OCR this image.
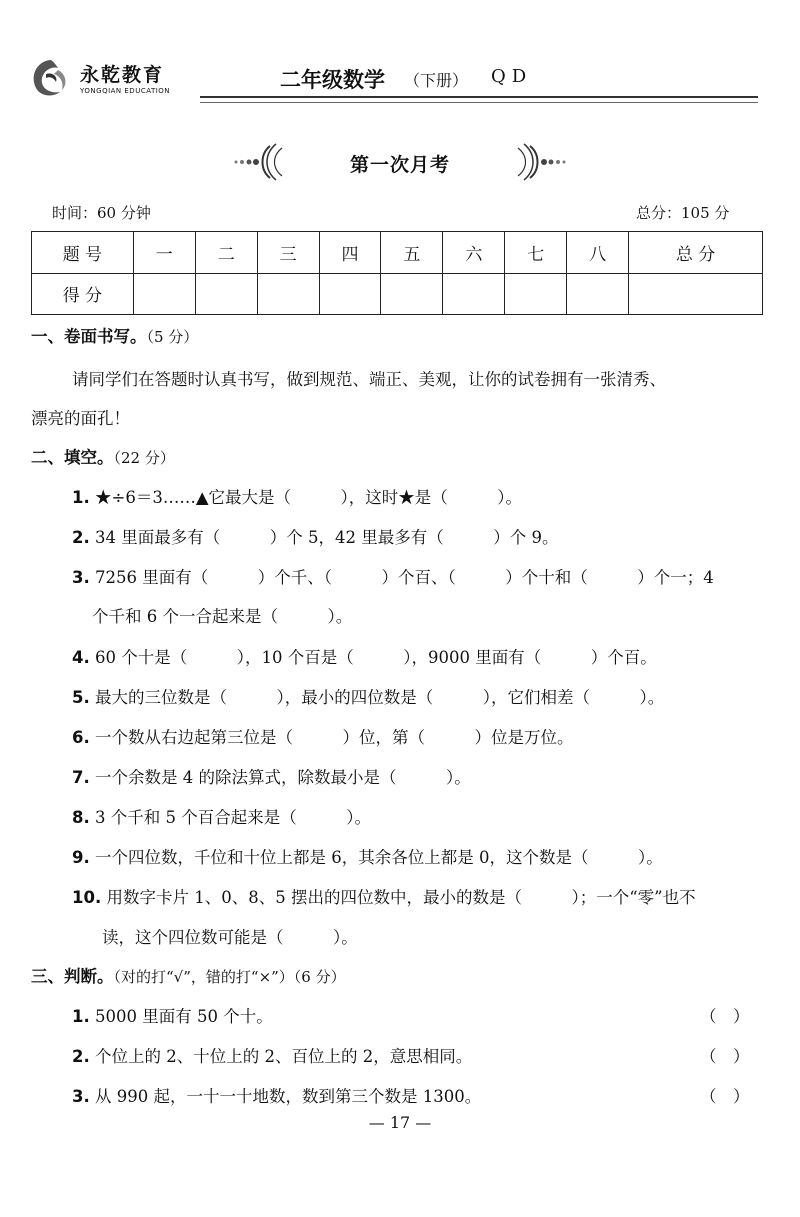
永乾教育
YONGQIAN EDUCATION	二年级数学 （下册） QD
第一次月考
时间：60 分钟	总分：105 分
题 号	一	二	三	四	五	六	七	八	总 分
得 分									
一、卷面书写。（5 分）
请同学们在答题时认真书写，做到规范、端正、美观，让你的试卷拥有一张清秀、
漂亮的面孔！
二、填空。（22 分）
1. ★÷6＝3……▲它最大是（　　　），这时★是（　　　）。
2. 34 里面最多有（　　　）个 5，42 里最多有（　　　）个 9。
3. 7256 里面有（　　　）个千、（　　　）个百、（　　　）个十和（　　　）个一；4
个千和 6 个一合起来是（　　　）。
4. 60 个十是（　　　），10 个百是（　　　），9000 里面有（　　　）个百。
5. 最大的三位数是（　　　），最小的四位数是（　　　），它们相差（　　　）。
6. 一个数从右边起第三位是（　　　）位，第（　　　）位是万位。
7. 一个余数是 4 的除法算式，除数最小是（　　　）。
8. 3 个千和 5 个百合起来是（　　　）。
9. 一个四位数，千位和十位上都是 6，其余各位上都是 0，这个数是（　　　）。
10. 用数字卡片 1、0、8、5 摆出的四位数中，最小的数是（　　　）；一个“零”也不
读，这个四位数可能是（　　　）。
三、判断。（对的打“√”，错的打“×”）（6 分）
1. 5000 里面有 50 个十。	（　）
2. 个位上的 2、十位上的 2、百位上的 2，意思相同。	（　）
3. 从 990 起，一十一十地数，数到第三个数是 1300。	（　）
— 17 —
